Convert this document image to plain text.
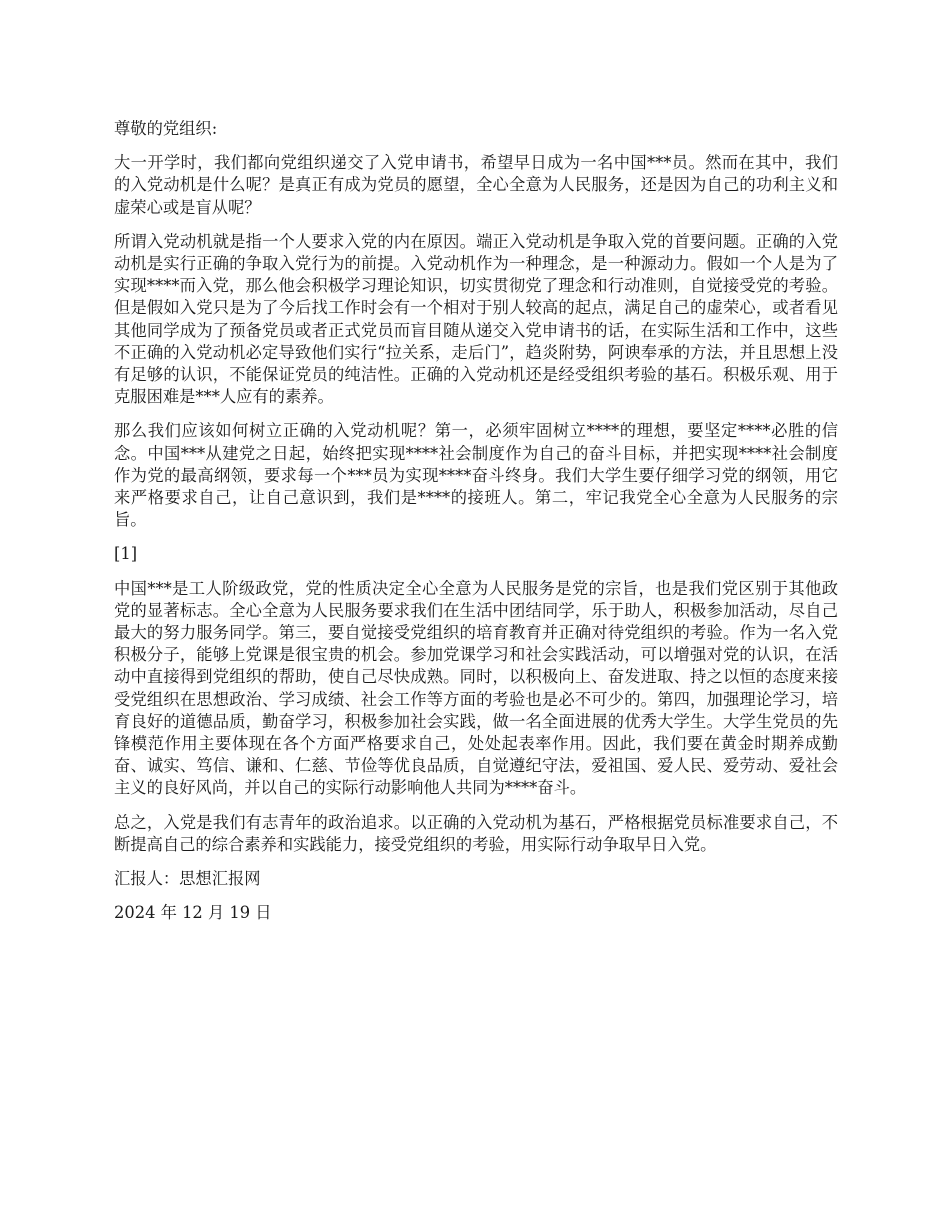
尊敬的党组织:

大一开学时，我们都向党组织递交了入党申请书，希望早日成为一名中国***员。然而在其中，我们的入党动机是什么呢？是真正有成为党员的愿望，全心全意为人民服务，还是因为自己的功利主义和虚荣心或是盲从呢？

所谓入党动机就是指一个人要求入党的内在原因。端正入党动机是争取入党的首要问题。正确的入党动机是实行正确的争取入党行为的前提。入党动机作为一种理念，是一种源动力。假如一个人是为了实现****而入党，那么他会积极学习理论知识，切实贯彻党了理念和行动准则，自觉接受党的考验。但是假如入党只是为了今后找工作时会有一个相对于别人较高的起点，满足自己的虚荣心，或者看见其他同学成为了预备党员或者正式党员而盲目随从递交入党申请书的话，在实际生活和工作中，这些不正确的入党动机必定导致他们实行“拉关系，走后门”，趋炎附势，阿谀奉承的方法，并且思想上没有足够的认识，不能保证党员的纯洁性。正确的入党动机还是经受组织考验的基石。积极乐观、用于克服困难是***人应有的素养。

那么我们应该如何树立正确的入党动机呢？第一，必须牢固树立****的理想，要坚定****必胜的信念。中国***从建党之日起，始终把实现****社会制度作为自己的奋斗目标，并把实现****社会制度作为党的最高纲领，要求每一个***员为实现****奋斗终身。我们大学生要仔细学习党的纲领，用它来严格要求自己，让自己意识到，我们是****的接班人。第二，牢记我党全心全意为人民服务的宗旨。

[1]

中国***是工人阶级政党，党的性质决定全心全意为人民服务是党的宗旨，也是我们党区别于其他政党的显著标志。全心全意为人民服务要求我们在生活中团结同学，乐于助人，积极参加活动，尽自己最大的努力服务同学。第三，要自觉接受党组织的培育教育并正确对待党组织的考验。作为一名入党积极分子，能够上党课是很宝贵的机会。参加党课学习和社会实践活动，可以增强对党的认识，在活动中直接得到党组织的帮助，使自己尽快成熟。同时，以积极向上、奋发进取、持之以恒的态度来接受党组织在思想政治、学习成绩、社会工作等方面的考验也是必不可少的。第四，加强理论学习，培育良好的道德品质，勤奋学习，积极参加社会实践，做一名全面进展的优秀大学生。大学生党员的先锋模范作用主要体现在各个方面严格要求自己，处处起表率作用。因此，我们要在黄金时期养成勤奋、诚实、笃信、谦和、仁慈、节俭等优良品质，自觉遵纪守法，爱祖国、爱人民、爱劳动、爱社会主义的良好风尚，并以自己的实际行动影响他人共同为****奋斗。

总之，入党是我们有志青年的政治追求。以正确的入党动机为基石，严格根据党员标准要求自己，不断提高自己的综合素养和实践能力，接受党组织的考验，用实际行动争取早日入党。

汇报人：思想汇报网

2024 年 12 月 19 日
